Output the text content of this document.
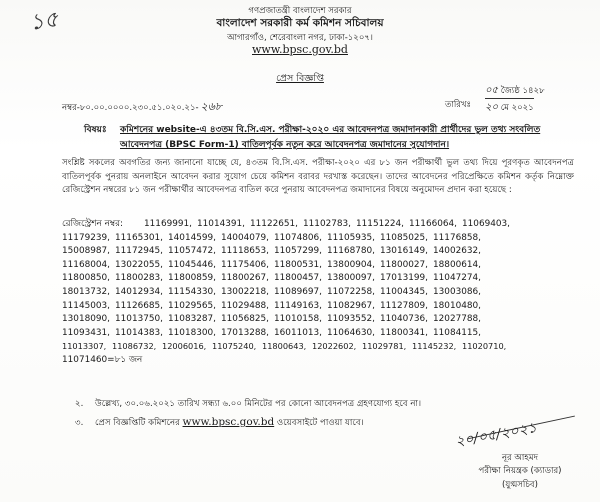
১৫	গণপ্রজাতন্ত্রী বাংলাদেশ সরকার
বাংলাদেশ সরকারী কর্ম কমিশন সচিবালয়
আগারগাঁও, শেরেবাংলা নগর, ঢাকা-১২০৭।
www.bpsc.gov.bd
প্রেস বিজ্ঞপ্তি
নম্বর-৮০.০০.০০০০.২৩০.৫১.০২০.২১- ২৬৮	তারিখঃ
০৫ জ্যৈষ্ঠ ১৪২৮
২০ মে ২০২১
বিষয়ঃ কমিশনের website-এ ৪৩তম বি.সি.এস. পরীক্ষা-২০২০ এর আবেদনপত্র জমাদানকারী প্রার্থীদের ভুল তথ্য সংবলিত আবেদনপত্র (BPSC Form-1) বাতিলপূর্বক নতুন করে আবেদনপত্র জমাদানের সুযোগদান।
সংশ্লিষ্ট সকলের অবগতির জন্য জানানো যাচ্ছে যে, ৪৩তম বি.সি.এস. পরীক্ষা-২০২০ এর ৮১ জন পরীক্ষার্থী ভুল তথ্য দিয়ে পূরণকৃত আবেদনপত্র বাতিলপূর্বক পুনরায় অনলাইনে আবেদন করার সুযোগ চেয়ে কমিশন বরাবর দরখাস্ত করেছেন। তাদের আবেদনের পরিপ্রেক্ষিতে কমিশন কর্তৃক নিম্নোক্ত রেজিস্ট্রেশন নম্বরের ৮১ জন পরীক্ষার্থীর আবেদনপত্র বাতিল করে পুনরায় আবেদনপত্র জমাদানের বিষয়ে অনুমোদন প্রদান করা হয়েছে :
রেজিস্ট্রেশন নম্বর: 11169991, 11014391, 11122651, 11102783, 11151224, 11166064, 11069403,
11179239, 11165301, 14014599, 14004079, 11074806, 11105935, 11085025, 11176858,
15008987, 11172945, 11057472, 11118653, 11057299, 11168780, 13016149, 14002632,
11168004, 13022055, 11045446, 11175406, 11800531, 13800904, 11800027, 18800614,
11800850, 11800283, 11800859, 11800267, 11800457, 13800097, 17013199, 11047274,
18013732, 14012934, 11154330, 13002218, 11089697, 11072258, 11004345, 13003086,
11145003, 11126685, 11029565, 11029488, 11149163, 11082967, 11127809, 18010480,
13018090, 11013750, 11083287, 11056825, 11010158, 11093552, 11040736, 12027788,
11093431, 11014383, 11018300, 17013288, 16011013, 11064630, 11800341, 11084115,
11013307, 11086732, 12006016, 11075240, 11800643, 12022602, 11029781, 11145232, 11020710,
11071460=৮১ জন
২. উল্লেখ্য, ৩০.০৬.২০২১ তারিখ সন্ধ্যা ৬.০০ মিনিটের পর কোনো আবেদনপত্র গ্রহণযোগ্য হবে না।
৩. প্রেস বিজ্ঞপ্তিটি কমিশনের www.bpsc.gov.bd ওয়েবসাইটে পাওয়া যাবে।	২০/০৫/২০২১
নূর আহমদ
পরীক্ষা নিয়ন্ত্রক (ক্যাডার)
(যুগ্মসচিব)
